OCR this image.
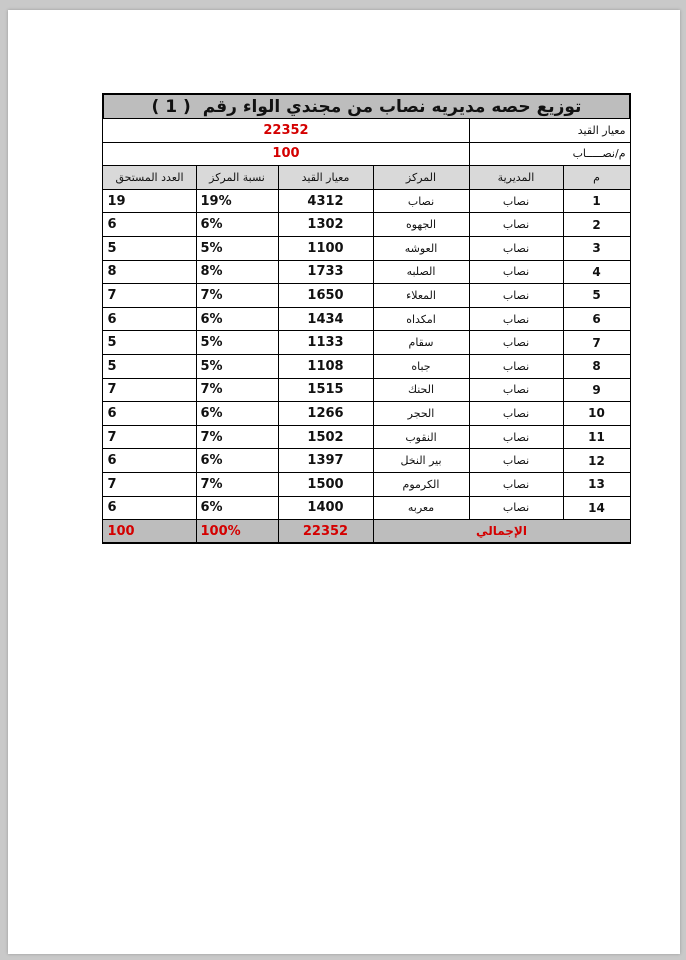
توزيع حصه مديريه نصاب من مجندي الواء رقم ( 1 )					
معيار القيد		22352			
م/نصـــــاب		100			
م	المديرية	المركز	معيار القيد	نسبة المركز	العدد المستحق
1	نصاب	نصاب	4312	19%	19
2	نصاب	الجهوه	1302	6%	6
3	نصاب	العوشه	1100	5%	5
4	نصاب	الصلبه	1733	8%	8
5	نصاب	المعلاء	1650	7%	7
6	نصاب	امكداه	1434	6%	6
7	نصاب	سقام	1133	5%	5
8	نصاب	جباه	1108	5%	5
9	نصاب	الحنك	1515	7%	7
10	نصاب	الحجر	1266	6%	6
11	نصاب	النقوب	1502	7%	7
12	نصاب	بير النخل	1397	6%	6
13	نصاب	الكرموم	1500	7%	7
14	نصاب	معربه	1400	6%	6
الإجمالي			22352	100%	100
